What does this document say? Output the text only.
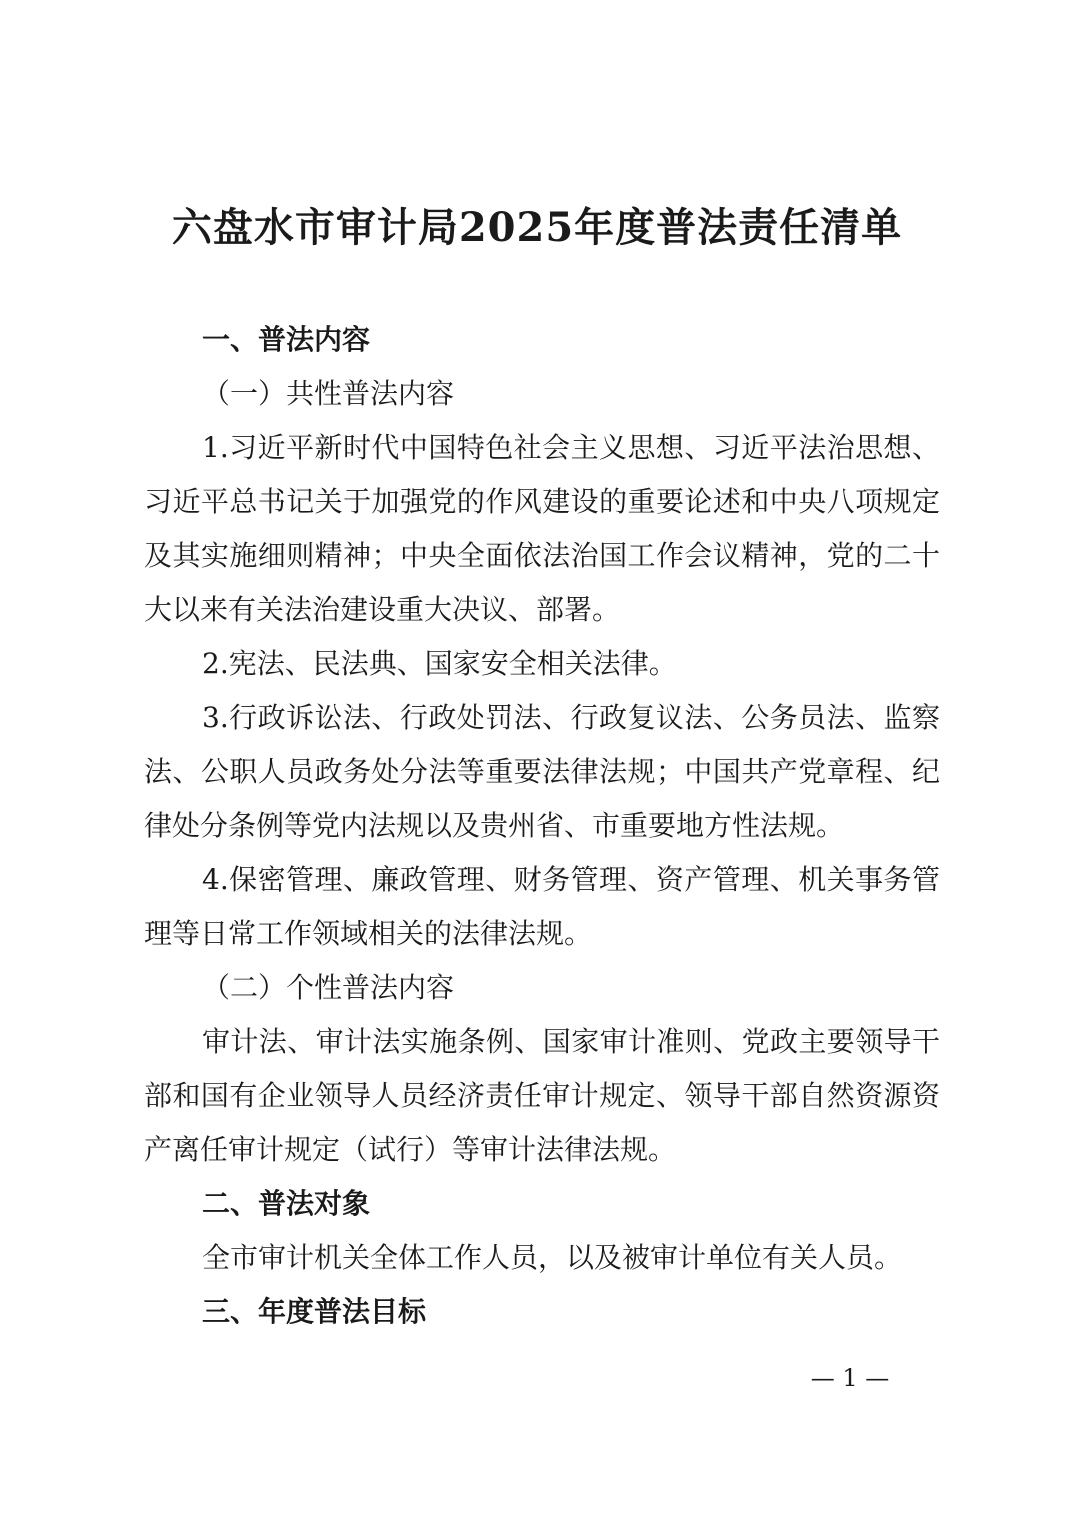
六盘水市审计局2025年度普法责任清单

一、普法内容

（一）共性普法内容

1.习近平新时代中国特色社会主义思想、习近平法治思想、习近平总书记关于加强党的作风建设的重要论述和中央八项规定及其实施细则精神；中央全面依法治国工作会议精神，党的二十大以来有关法治建设重大决议、部署。

2.宪法、民法典、国家安全相关法律。

3.行政诉讼法、行政处罚法、行政复议法、公务员法、监察法、公职人员政务处分法等重要法律法规；中国共产党章程、纪律处分条例等党内法规以及贵州省、市重要地方性法规。

4.保密管理、廉政管理、财务管理、资产管理、机关事务管理等日常工作领域相关的法律法规。

（二）个性普法内容

审计法、审计法实施条例、国家审计准则、党政主要领导干部和国有企业领导人员经济责任审计规定、领导干部自然资源资产离任审计规定（试行）等审计法律法规。

二、普法对象

全市审计机关全体工作人员，以及被审计单位有关人员。

三、年度普法目标

— 1 —
